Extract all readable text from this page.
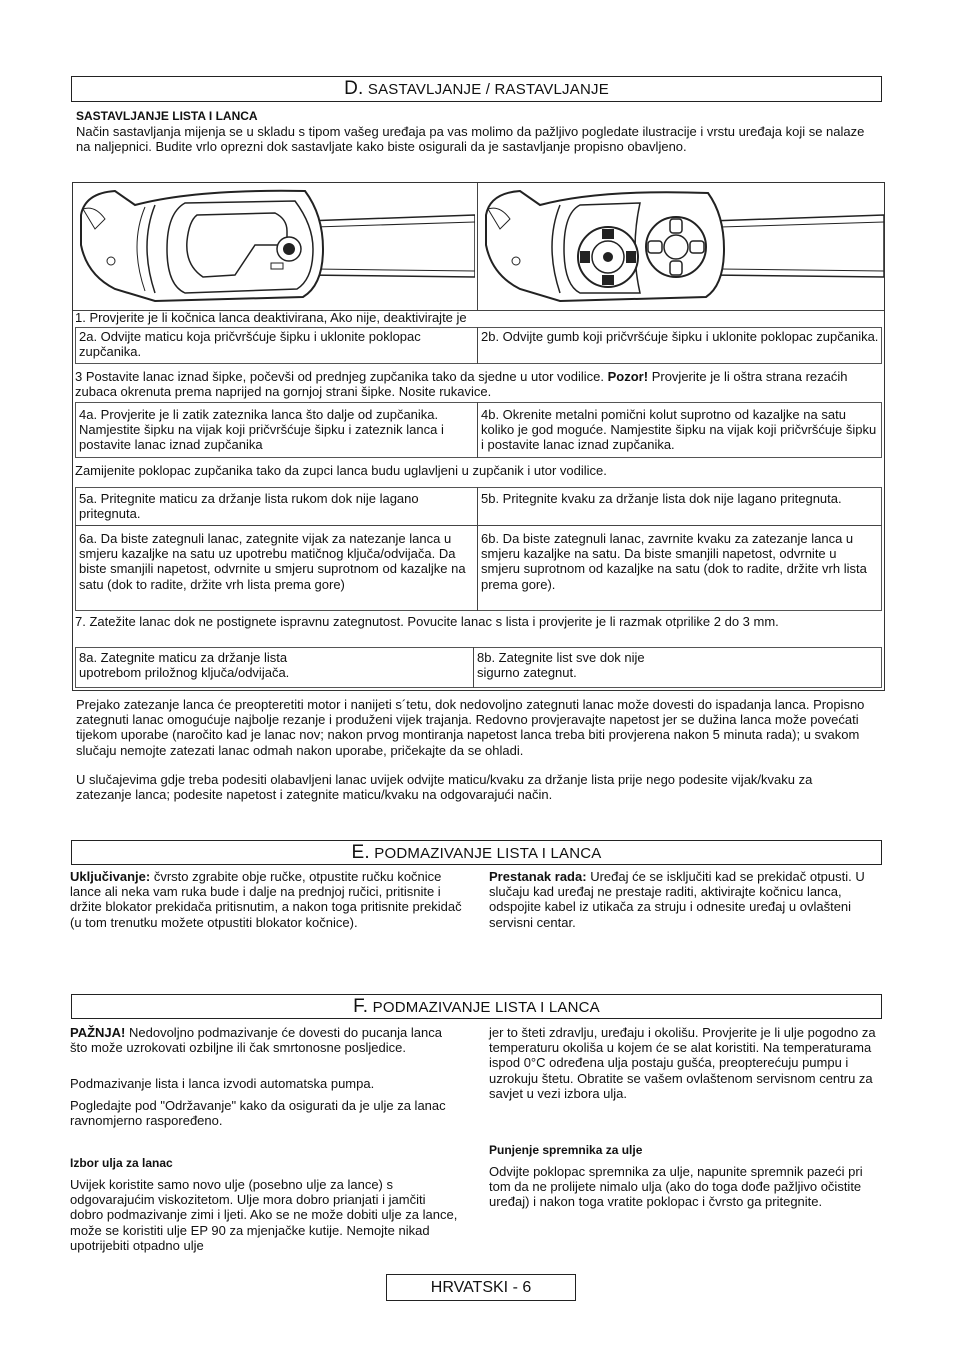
D. SASTAVLJANJE / RASTAVLJANJE
SASTAVLJANJE LISTA I LANCA
Način sastavljanja mijenja se u skladu s tipom vašeg uređaja pa vas molimo da pažljivo pogledate ilustracije i vrstu uređaja koji se nalaze na naljepnici. Budite vrlo oprezni dok sastavljate kako biste osigurali da je sastavljanje propisno obavljeno.
1. Provjerite je li kočnica lanca deaktivirana, Ako nije, deaktivirajte je
2a. Odvijte maticu koja pričvršćuje šipku i uklonite poklopac zupčanika.
2b. Odvijte gumb koji pričvršćuje šipku i uklonite poklopac zupčanika.
3 Postavite lanac iznad šipke, počevši od prednjeg zupčanika tako da sjedne u utor vodilice. Pozor! Provjerite je li oštra strana rezaćih zubaca okrenuta prema naprijed na gornjoj strani šipke. Nosite rukavice.
4a. Provjerite je li zatik zateznika lanca što dalje od zupčanika. Namjestite šipku na vijak koji pričvršćuje šipku i zateznik lanca i postavite lanac iznad zupčanika
4b. Okrenite metalni pomični kolut suprotno od kazaljke na satu koliko je god moguće. Namjestite šipku na vijak koji pričvršćuje šipku i postavite lanac iznad zupčanika.
Zamijenite poklopac zupčanika tako da zupci lanca budu uglavljeni u zupčanik i utor vodilice.
5a. Pritegnite maticu za držanje lista rukom dok nije lagano pritegnuta.
5b. Pritegnite kvaku za držanje lista dok nije lagano pritegnuta.
6a. Da biste zategnuli lanac, zategnite vijak za natezanje lanca u smjeru kazaljke na satu uz upotrebu matičnog ključa/odvijača. Da biste smanjili napetost, odvrnite u smjeru suprotnom od kazaljke na satu (dok to radite, držite vrh lista prema gore)
6b. Da biste zategnuli lanac, zavrnite kvaku za zatezanje lanca u smjeru kazaljke na satu. Da biste smanjili napetost, odvrnite u smjeru suprotnom od kazaljke na satu (dok to radite, držite vrh lista prema gore).
7. Zatežite lanac dok ne postignete ispravnu zategnutost. Povucite lanac s lista i provjerite je li razmak otprilike 2 do 3 mm.
8a. Zategnite maticu za držanje lista upotrebom priložnog ključa/odvijača.
8b. Zategnite list sve dok nije sigurno zategnut.
Prejako zatezanje lanca će preopteretiti motor i nanijeti s´tetu, dok nedovoljno zategnuti lanac može dovesti do ispadanja lanca. Propisno zategnuti lanac omogućuje najbolje rezanje i produženi vijek trajanja. Redovno provjeravajte napetost jer se dužina lanca može povećati tijekom uporabe (naročito kad je lanac nov; nakon prvog montiranja napetost lanca treba biti provjerena nakon 5 minuta rada); u svakom slučaju nemojte zatezati lanac odmah nakon uporabe, pričekajte da se ohladi.
U slučajevima gdje treba podesiti olabavljeni lanac uvijek odvijte maticu/kvaku za držanje lista prije nego podesite vijak/kvaku za zatezanje lanca; podesite napetost i zategnite maticu/kvaku na odgovarajući način.
E. PODMAZIVANJE LISTA I LANCA
Uključivanje: čvrsto zgrabite obje ručke, otpustite ručku kočnice lance ali neka vam ruka bude i dalje na prednjoj ručici, pritisnite i držite blokator prekidača pritisnutim, a nakon toga pritisnite prekidač (u tom trenutku možete otpustiti blokator kočnice).
Prestanak rada: Uređaj će se isključiti kad se prekidač otpusti. U slučaju kad uređaj ne prestaje raditi, aktivirajte kočnicu lanca, odspojite kabel iz utikača za struju i odnesite uređaj u ovlašteni servisni centar.
F. PODMAZIVANJE LISTA I LANCA
PAŽNJA! Nedovoljno podmazivanje će dovesti do pucanja lanca što može uzrokovati ozbiljne ili čak smrtonosne posljedice.
Podmazivanje lista i lanca izvodi automatska pumpa.
Pogledajte pod "Održavanje" kako da osigurati da je ulje za lanac ravnomjerno raspoređeno.
Izbor ulja za lanac
Uvijek koristite samo novo ulje (posebno ulje za lance) s odgovarajućim viskozitetom. Ulje mora dobro prianjati i jamčiti dobro podmazivanje zimi i ljeti. Ako se ne može dobiti ulje za lance, može se koristiti ulje EP 90 za mjenjačke kutije. Nemojte nikad upotrijebiti otpadno ulje
jer to šteti zdravlju, uređaju i okolišu. Provjerite je li ulje pogodno za temperaturu okoliša u kojem će se alat koristiti. Na temperaturama ispod 0°C određena ulja postaju gušća, preopterećuju pumpu i uzrokuju štetu. Obratite se vašem ovlaštenom servisnom centru za savjet u vezi izbora ulja.
Punjenje spremnika za ulje
Odvijte poklopac spremnika za ulje, napunite spremnik pazeći pri tom da ne prolijete nimalo ulja (ako do toga dođe pažljivo očistite uređaj) i nakon toga vratite poklopac i čvrsto ga pritegnite.
HRVATSKI - 6
